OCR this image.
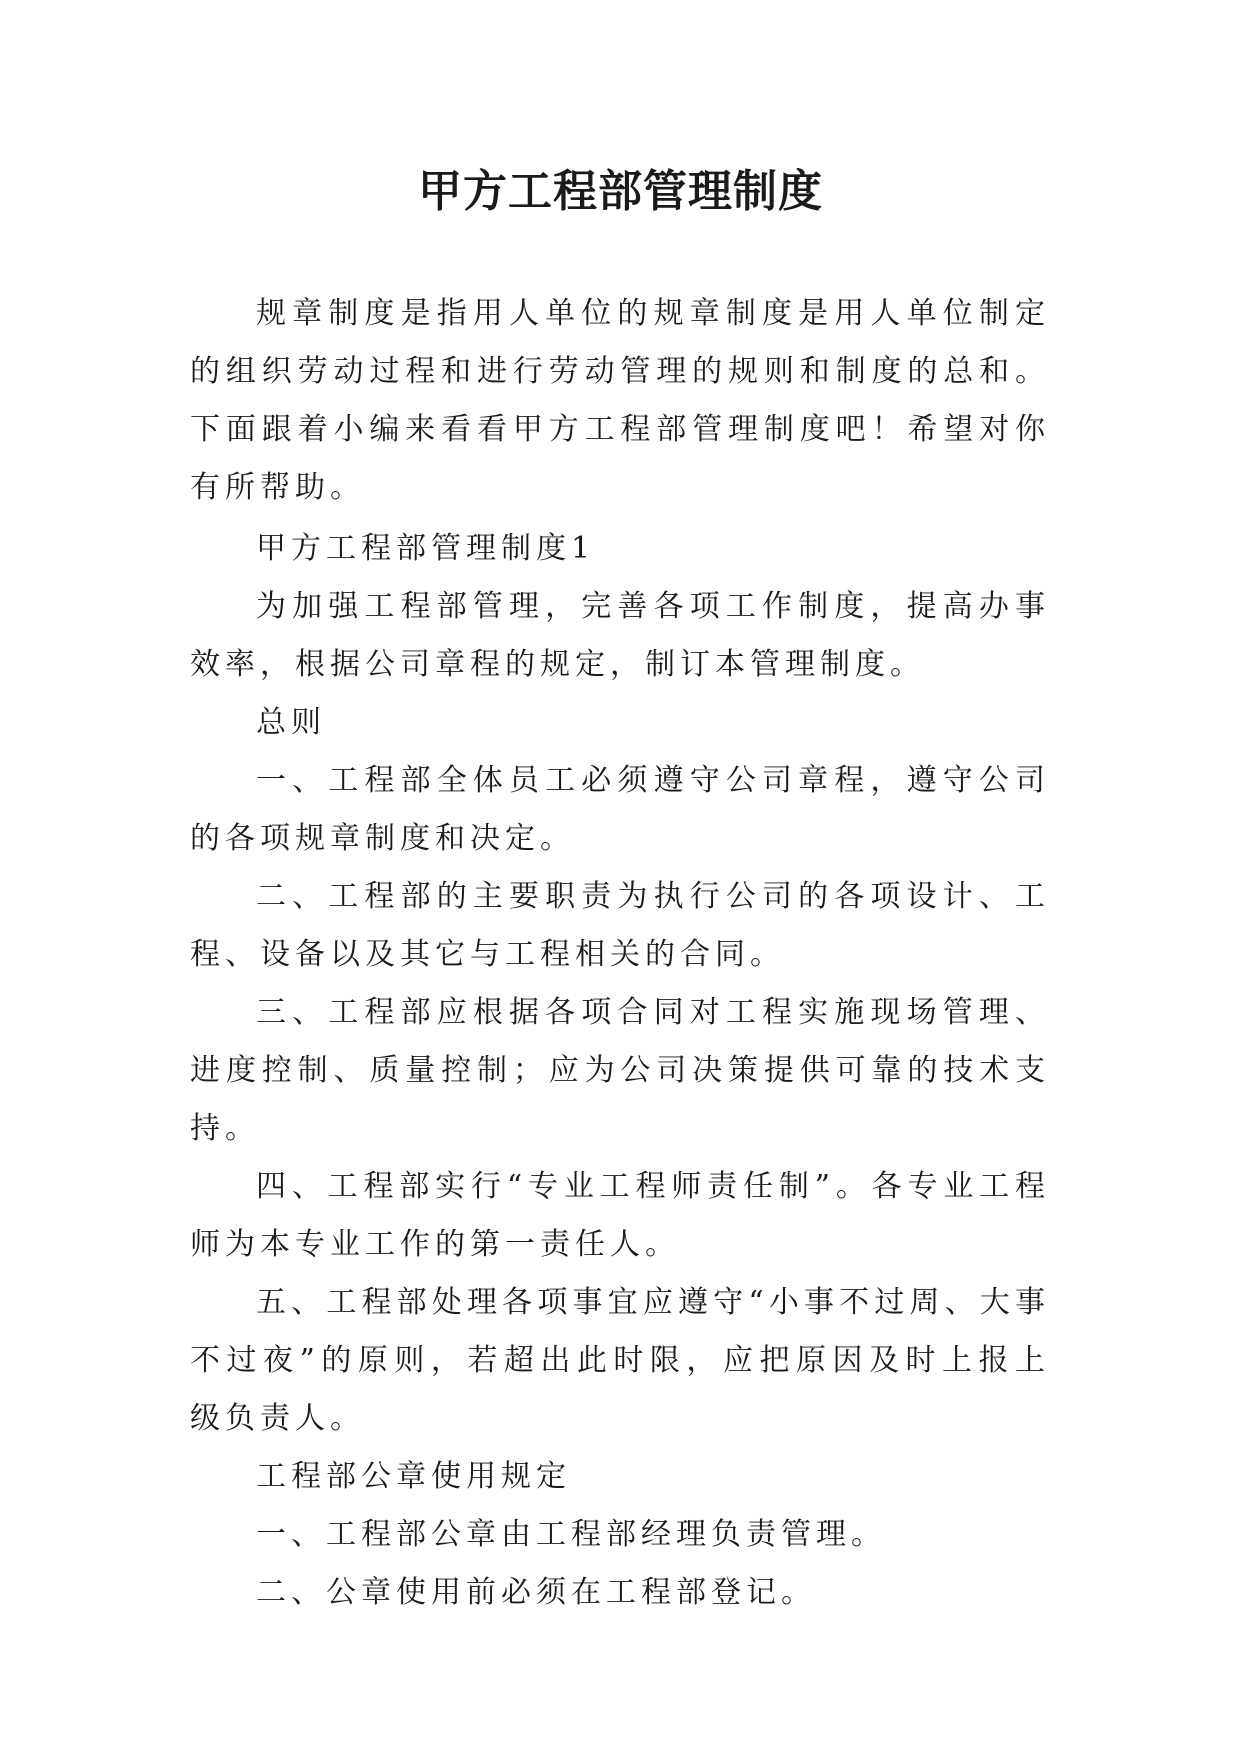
甲方工程部管理制度

规章制度是指用人单位的规章制度是用人单位制定的组织劳动过程和进行劳动管理的规则和制度的总和。下面跟着小编来看看甲方工程部管理制度吧！希望对你有所帮助。

甲方工程部管理制度1

为加强工程部管理，完善各项工作制度，提高办事效率，根据公司章程的规定，制订本管理制度。

总则

一、工程部全体员工必须遵守公司章程，遵守公司的各项规章制度和决定。

二、工程部的主要职责为执行公司的各项设计、工程、设备以及其它与工程相关的合同。

三、工程部应根据各项合同对工程实施现场管理、进度控制、质量控制；应为公司决策提供可靠的技术支持。

四、工程部实行“专业工程师责任制”。各专业工程师为本专业工作的第一责任人。

五、工程部处理各项事宜应遵守“小事不过周、大事不过夜”的原则，若超出此时限，应把原因及时上报上级负责人。

工程部公章使用规定

一、工程部公章由工程部经理负责管理。

二、公章使用前必须在工程部登记。
